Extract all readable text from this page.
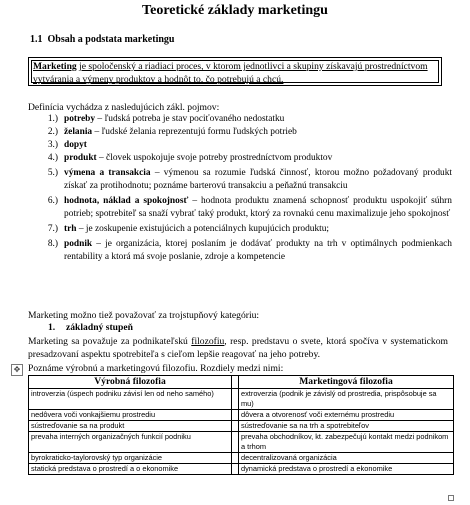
Teoretické základy marketingu
1.1 Obsah a podstata marketingu

Marketing je spoločenský a riadiaci proces, v ktorom jednotlivci a skupiny získavajú prostredníctvom vytvárania a výmeny produktov a hodnôt to, čo potrebujú a chcú.

Definícia vychádza z nasledujúcich zákl. pojmov:

1.) potreby – ľudská potreba je stav pociťovaného nedostatku
2.) želania – ľudské želania reprezentujú formu ľudských potrieb
3.) dopyt
4.) produkt – človek uspokojuje svoje potreby prostredníctvom produktov
5.) výmena a transakcia – výmenou sa rozumie ľudská činnosť, ktorou možno požadovaný produkt získať za protihodnotu; poznáme barterovú transakciu a peňažnú transakciu
6.) hodnota, náklad a spokojnosť – hodnota produktu znamená schopnosť produktu uspokojiť súhrn potrieb; spotrebiteľ sa snaží vybrať taký produkt, ktorý za rovnakú cenu maximalizuje jeho spokojnosť
7.) trh – je zoskupenie existujúcich a potenciálnych kupujúcich produktu;
8.) podnik – je organizácia, ktorej poslaním je dodávať produkty na trh v optimálnych podmienkach rentability a ktorá má svoje poslanie, zdroje a kompetencie

Marketing možno tiež považovať za trojstupňový kategóriu:

1. základný stupeň

Marketing sa považuje za podnikateľskú filozofiu, resp. predstavu o svete, ktorá spočíva v systematickom presadzovaní aspektu spotrebiteľa s cieľom lepšie reagovať na jeho potreby.

✥ Poznáme výrobnú a marketingovú filozofiu. Rozdiely medzi nimi:

Výrobná filozofia		Marketingová filozofia
introverzia (úspech podniku závisí len od neho samého)		extroverzia (podnik je závislý od prostredia, prispôsobuje sa mu)
nedôvera voči vonkajšiemu prostrediu		dôvera a otvorenosť voči externému prostrediu
sústreďovanie sa na produkt		sústreďovanie sa na trh a spotrebiteľov
prevaha interných organizačných funkcií podniku		prevaha obchodníkov, kt. zabezpečujú kontakt medzi podnikom a trhom
byrokraticko-taylorovský typ organizácie		decentralizovaná organizácia
statická predstava o prostredí a o ekonomike		dynamická predstava o prostredí a ekonomike
